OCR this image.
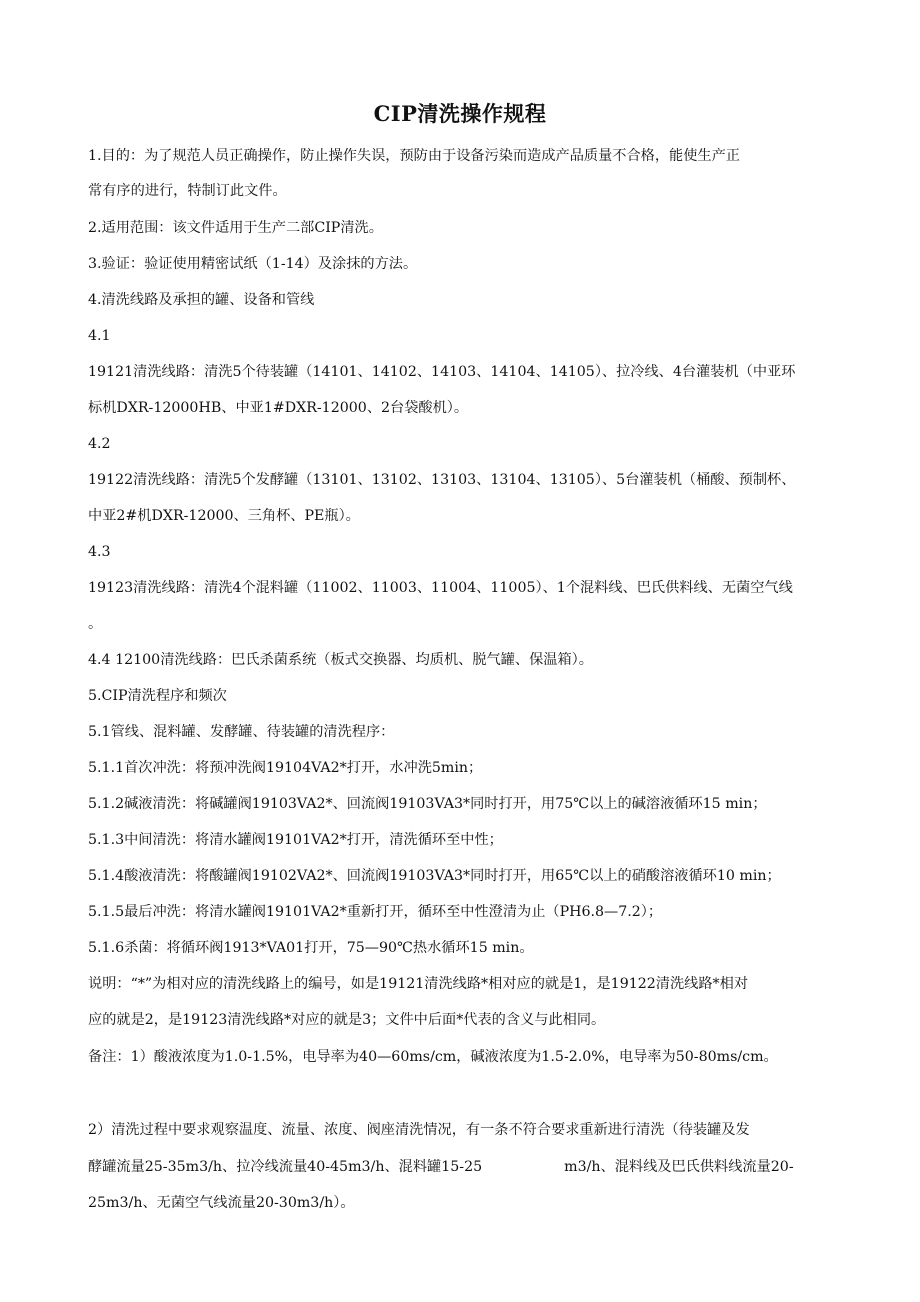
CIP清洗操作规程
1.目的：为了规范人员正确操作，防止操作失误，预防由于设备污染而造成产品质量不合格，能使生产正
常有序的进行，特制订此文件。
2.适用范围：该文件适用于生产二部CIP清洗。
3.验证：验证使用精密试纸（1-14）及涂抹的方法。
4.清洗线路及承担的罐、设备和管线
4.1
19121清洗线路：清洗5个待装罐（14101、14102、14103、14104、14105）、拉冷线、4台灌装机（中亚环
标机DXR-12000HB、中亚1#DXR-12000、2台袋酸机）。
4.2
19122清洗线路：清洗5个发酵罐（13101、13102、13103、13104、13105）、5台灌装机（桶酸、预制杯、
中亚2#机DXR-12000、三角杯、PE瓶）。
4.3
19123清洗线路：清洗4个混料罐（11002、11003、11004、11005）、1个混料线、巴氏供料线、无菌空气线
。
4.4 12100清洗线路：巴氏杀菌系统（板式交换器、均质机、脱气罐、保温箱）。
5.CIP清洗程序和频次
5.1管线、混料罐、发酵罐、待装罐的清洗程序：
5.1.1首次冲洗：将预冲洗阀19104VA2*打开，水冲洗5min；
5.1.2碱液清洗：将碱罐阀19103VA2*、回流阀19103VA3*同时打开，用75℃以上的碱溶液循环15 min；
5.1.3中间清洗：将清水罐阀19101VA2*打开，清洗循环至中性；
5.1.4酸液清洗：将酸罐阀19102VA2*、回流阀19103VA3*同时打开，用65℃以上的硝酸溶液循环10 min；
5.1.5最后冲洗：将清水罐阀19101VA2*重新打开，循环至中性澄清为止（PH6.8—7.2）；
5.1.6杀菌：将循环阀1913*VA01打开，75—90℃热水循环15 min。
说明：“*”为相对应的清洗线路上的编号，如是19121清洗线路*相对应的就是1，是19122清洗线路*相对
应的就是2，是19123清洗线路*对应的就是3；文件中后面*代表的含义与此相同。
备注：1）酸液浓度为1.0-1.5%，电导率为40—60ms/cm，碱液浓度为1.5-2.0%，电导率为50-80ms/cm。
2）清洗过程中要求观察温度、流量、浓度、阀座清洗情况，有一条不符合要求重新进行清洗（待装罐及发
酵罐流量25-35m3/h、拉冷线流量40-45m3/h、混料罐15-25	m3/h、混料线及巴氏供料线流量20-
25m3/h、无菌空气线流量20-30m3/h）。
